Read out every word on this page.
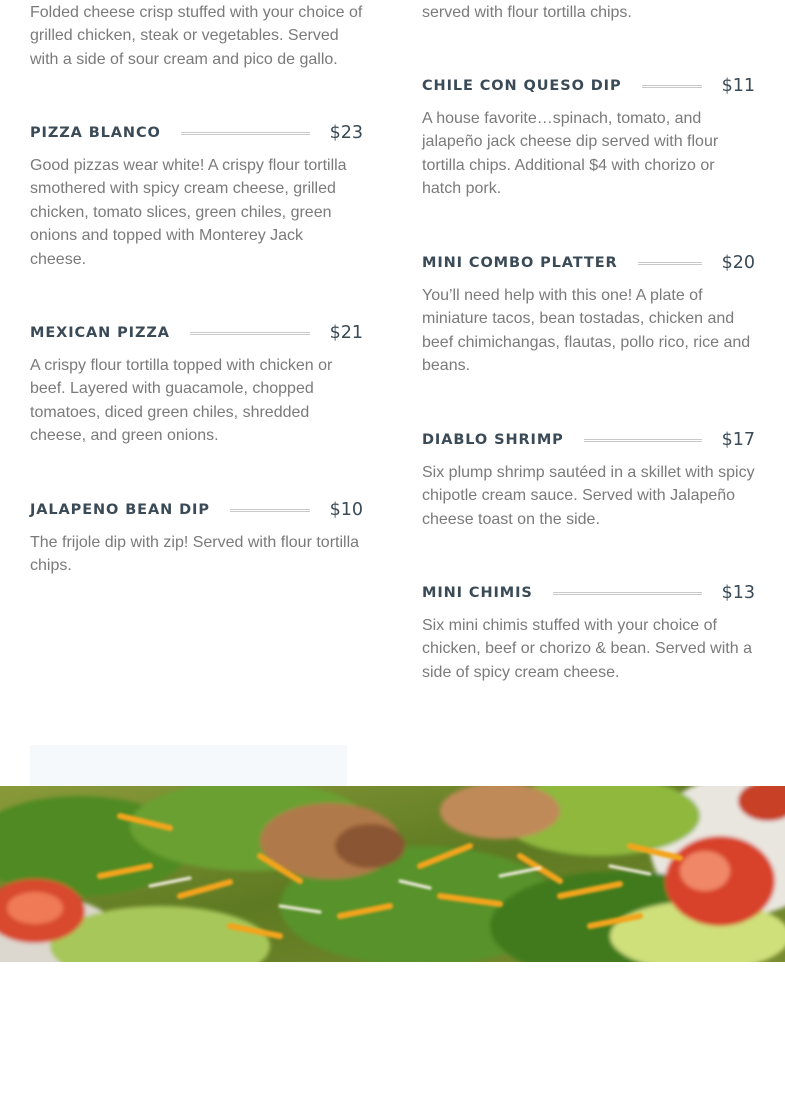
Folded cheese crisp stuffed with your choice of grilled chicken, steak or vegetables. Served with a side of sour cream and pico de gallo.

PIZZA BLANCO	$23

Good pizzas wear white! A crispy flour tortilla smothered with spicy cream cheese, grilled chicken, tomato slices, green chiles, green onions and topped with Monterey Jack cheese.

MEXICAN PIZZA	$21

A crispy flour tortilla topped with chicken or beef. Layered with guacamole, chopped tomatoes, diced green chiles, shredded cheese, and green onions.

JALAPENO BEAN DIP	$10

The frijole dip with zip! Served with flour tortilla chips.

served with flour tortilla chips.

CHILE CON QUESO DIP	$11

A house favorite…spinach, tomato, and jalapeño jack cheese dip served with flour tortilla chips. Additional $4 with chorizo or hatch pork.

MINI COMBO PLATTER	$20

You’ll need help with this one! A plate of miniature tacos, bean tostadas, chicken and beef chimichangas, flautas, pollo rico, rice and beans.

DIABLO SHRIMP	$17

Six plump shrimp sautéed in a skillet with spicy chipotle cream sauce. Served with Jalapeño cheese toast on the side.

MINI CHIMIS	$13

Six mini chimis stuffed with your choice of chicken, beef or chorizo & bean. Served with a side of spicy cream cheese.
